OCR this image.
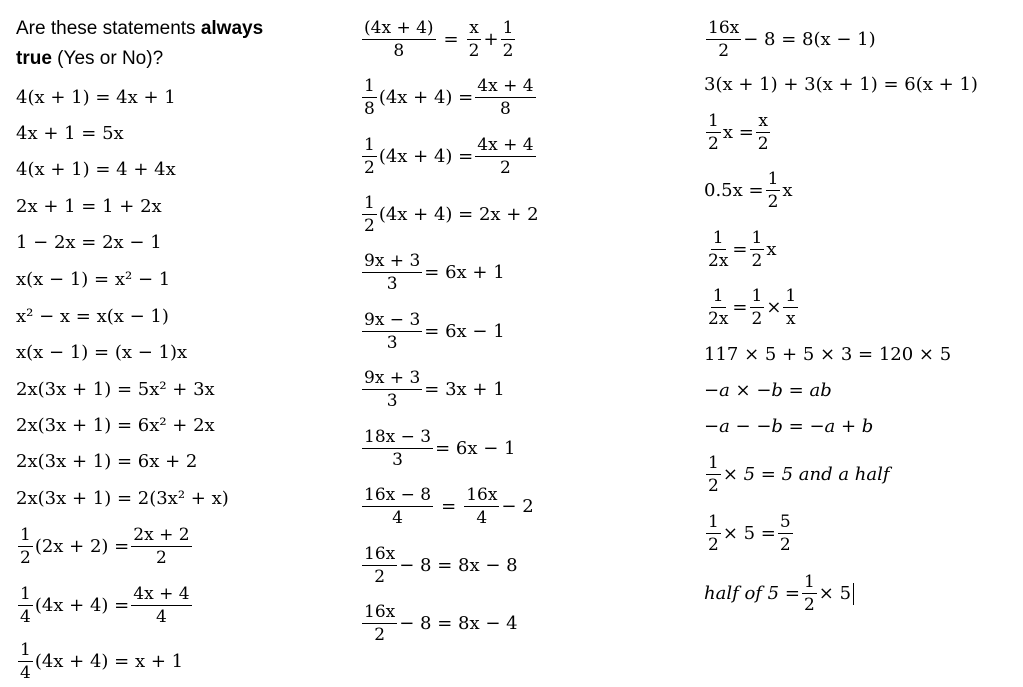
Are these statements always
true (Yes or No)?
4(x + 1) = 4x + 1
4x + 1 = 5x
4(x + 1) = 4 + 4x
2x + 1 = 1 + 2x
1 − 2x = 2x − 1
x(x − 1) = x² − 1
x² − x = x(x − 1)
x(x − 1) = (x − 1)x
2x(3x + 1) = 5x² + 3x
2x(3x + 1) = 6x² + 2x
2x(3x + 1) = 6x + 2
2x(3x + 1) = 2(3x² + x)
$\frac{1}{2} (2x + 2) = \frac{2x + 2}{2}$
$\frac{1}{4} (4x + 4) = \frac{4x + 4}{4}$
$\frac{1}{4} (4x + 4) = x + 1$
$\frac{(4x + 4)}{8} = \frac{x}{2} + \frac{1}{2}$
$\frac{1}{8} (4x + 4) = \frac{4x + 4}{8}$
$\frac{1}{2} (4x + 4) = \frac{4x + 4}{2}$
$\frac{1}{2} (4x + 4) = 2x + 2$
$\frac{9x + 3}{3} = 6x + 1$
$\frac{9x - 3}{3} = 6x - 1$
$\frac{9x + 3}{3} = 3x + 1$
$\frac{18x - 3}{3} = 6x - 1$
$\frac{16x - 8}{4} = \frac{16x}{4} - 2$
$\frac{16x}{2} - 8 = 8x - 8$
$\frac{16x}{2} - 8 = 8x - 4$
$\frac{16x}{2} - 8 = 8(x - 1)$
3(x + 1) + 3(x + 1) = 6(x + 1)
$\frac{1}{2}$ $x = \frac{x}{2}$
$0.5x = \frac{1}{2}$ x
$\frac{1}{2x} = \frac{1}{2}$ x
$\frac{1}{2x} = \frac{1}{2} \times \frac{1}{x}$
117 × 5 + 5 × 3 = 120 × 5
−a × −b = ab
−a − −b = −a + b
$\frac{1}{2} \times 5 = 5$ and a half
$\frac{1}{2} \times 5 = \frac{5}{2}$
half of $5 = \frac{1}{2} \times 5$
